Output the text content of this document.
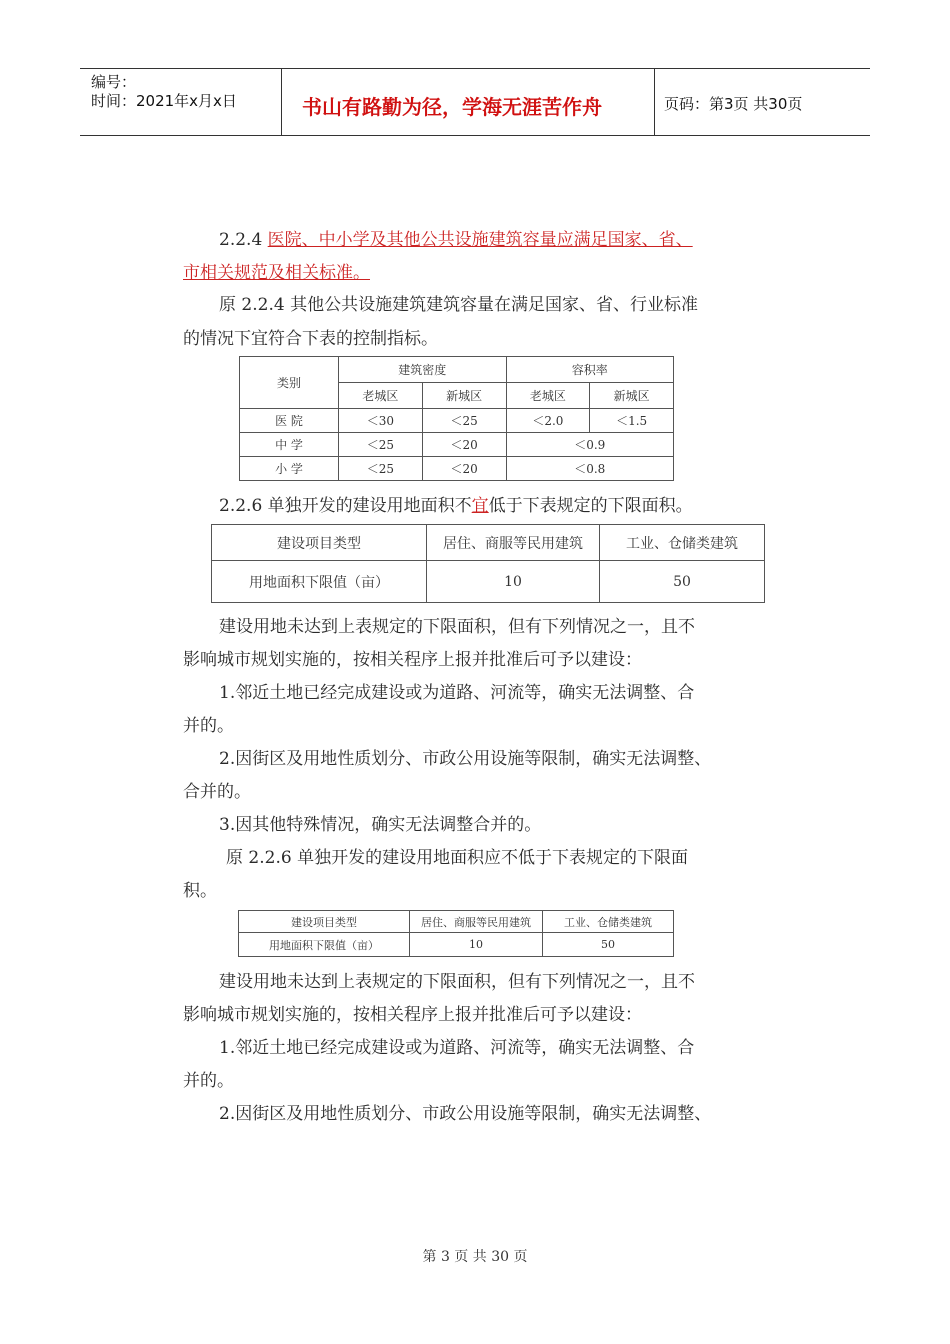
编号：
时间：2021年x月x日	书山有路勤为径，学海无涯苦作舟	页码：第3页 共30页
2.2.4 医院、中小学及其他公共设施建筑容量应满足国家、省、
市相关规范及相关标准。
原 2.2.4 其他公共设施建筑建筑容量在满足国家、省、行业标准
的情况下宜符合下表的控制指标。
类别	建筑密度		容积率	
	老城区	新城区	老城区	新城区
医 院	＜30	＜25	＜2.0	＜1.5
中 学	＜25	＜20	＜0.9	
小 学	＜25	＜20	＜0.8	
2.2.6 单独开发的建设用地面积不宜低于下表规定的下限面积。
建设项目类型	居住、商服等民用建筑	工业、仓储类建筑
用地面积下限值（亩）	10	50
建设用地未达到上表规定的下限面积，但有下列情况之一，且不
影响城市规划实施的，按相关程序上报并批准后可予以建设：
1.邻近土地已经完成建设或为道路、河流等，确实无法调整、合
并的。
2.因街区及用地性质划分、市政公用设施等限制，确实无法调整、
合并的。
3.因其他特殊情况，确实无法调整合并的。
原 2.2.6 单独开发的建设用地面积应不低于下表规定的下限面
积。
建设项目类型	居住、商服等民用建筑	工业、仓储类建筑
用地面积下限值（亩）	10	50
建设用地未达到上表规定的下限面积，但有下列情况之一，且不
影响城市规划实施的，按相关程序上报并批准后可予以建设：
1.邻近土地已经完成建设或为道路、河流等，确实无法调整、合
并的。
2.因街区及用地性质划分、市政公用设施等限制，确实无法调整、
第 3 页 共 30 页
